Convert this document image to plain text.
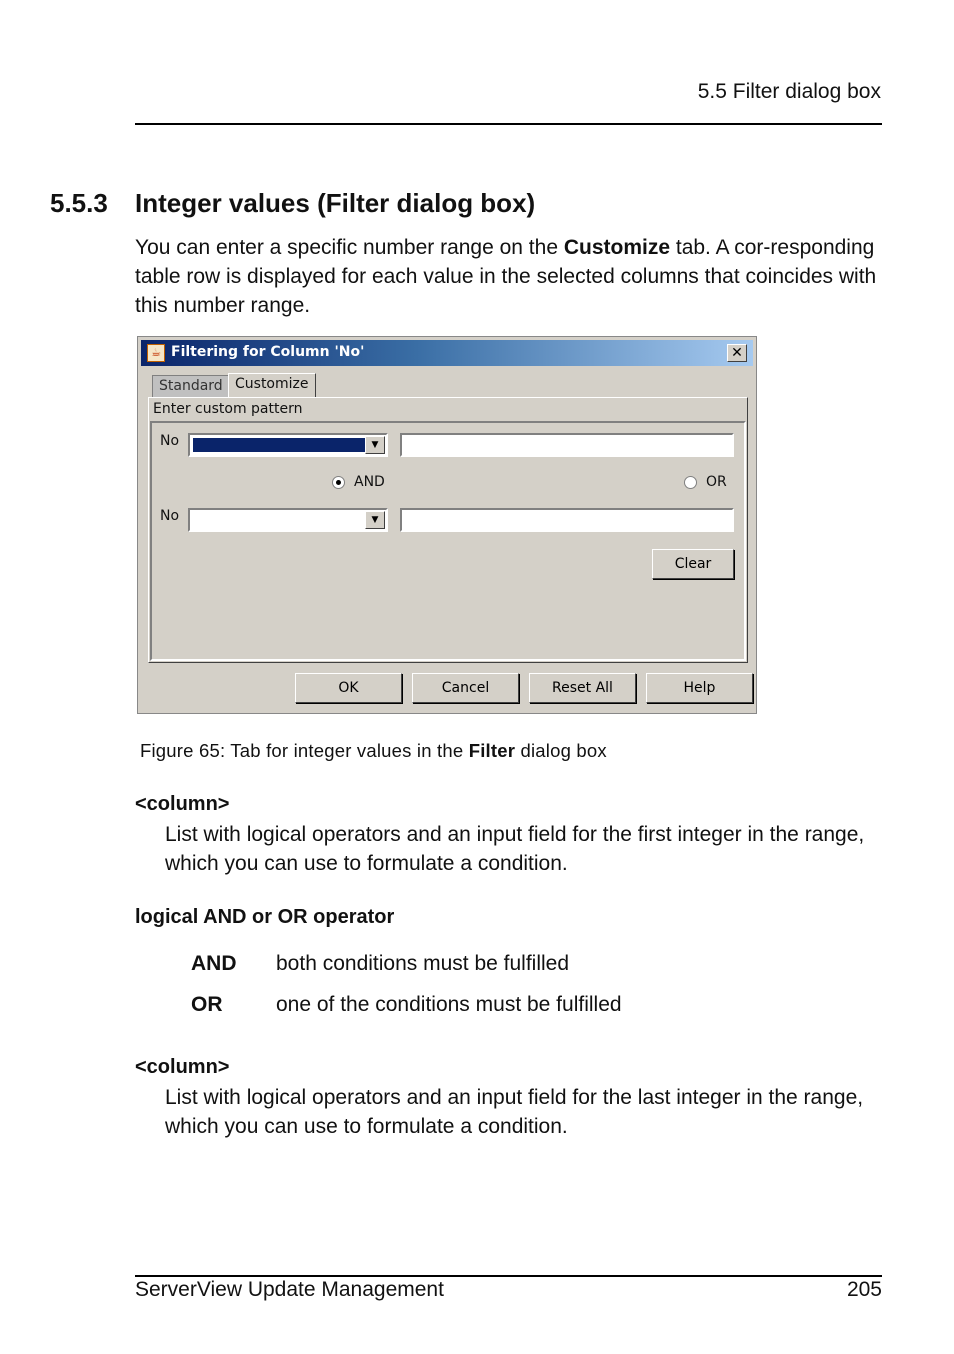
5.5 Filter dialog box
5.5.3 Integer values (Filter dialog box)
You can enter a specific number range on the Customize tab. A cor-responding table row is displayed for each value in the selected columns that coincides with this number range.
☕ Filtering for Column 'No'	✕
Standard Customize
Enter custom pattern
No	▼
AND	OR
No	▼
Clear
OK	Cancel	Reset All	Help
Figure 65: Tab for integer values in the Filter dialog box
<column>
List with logical operators and an input field for the first integer in the range, which you can use to formulate a condition.
logical AND or OR operator
AND both conditions must be fulfilled
OR	one of the conditions must be fulfilled
<column>
List with logical operators and an input field for the last integer in the range, which you can use to formulate a condition.
ServerView Update Management	205
